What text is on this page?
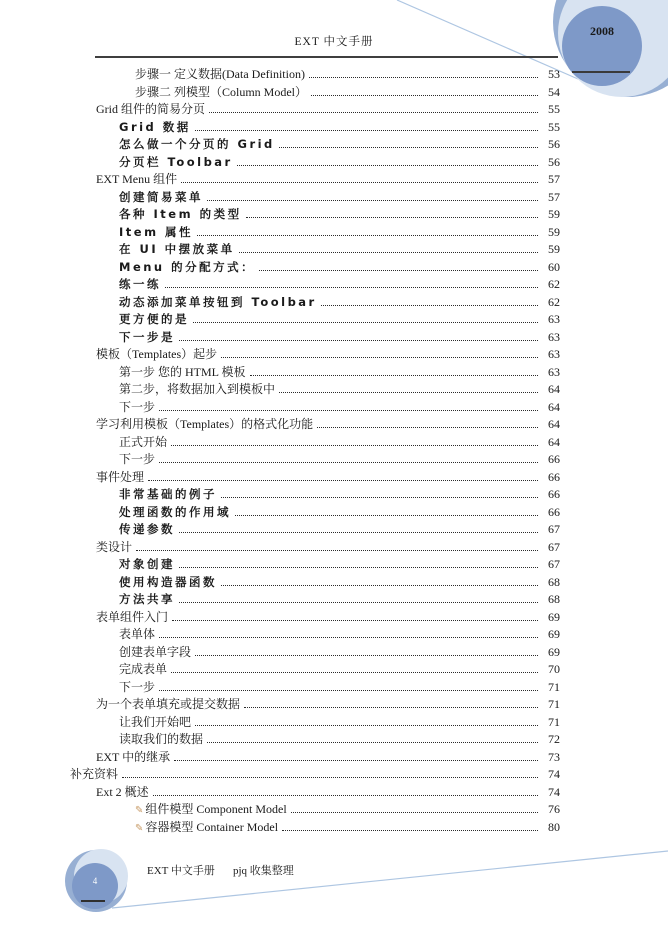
EXT 中文手册
2008
步骤一 定义数据(Data Definition)	53
步骤二 列模型（Column Model）	54
Grid 组件的简易分页	55
Grid 数据	55
怎么做一个分页的 Grid	56
分页栏 Toolbar	56
EXT Menu 组件	57
创建简易菜单	57
各种 Item 的类型	59
Item 属性	59
在 UI 中摆放菜单	59
Menu 的分配方式：	60
练一练	62
动态添加菜单按钮到 Toolbar	62
更方便的是	63
下一步是	63
模板（Templates）起步	63
第一步 您的 HTML 模板	63
第二步，将数据加入到模板中	64
下一步	64
学习利用模板（Templates）的格式化功能	64
正式开始	64
下一步	66
事件处理	66
非常基础的例子	66
处理函数的作用域	66
传递参数	67
类设计	67
对象创建	67
使用构造器函数	68
方法共享	68
表单组件入门	69
表单体	69
创建表单字段	69
完成表单	70
下一步	71
为一个表单填充或提交数据	71
让我们开始吧	71
读取我们的数据	72
EXT 中的继承	73
补充资料	74
Ext 2 概述	74
✎ 组件模型 Component Model	76
✎ 容器模型 Container Model	80
4
EXT 中文手册 pjq 收集整理
